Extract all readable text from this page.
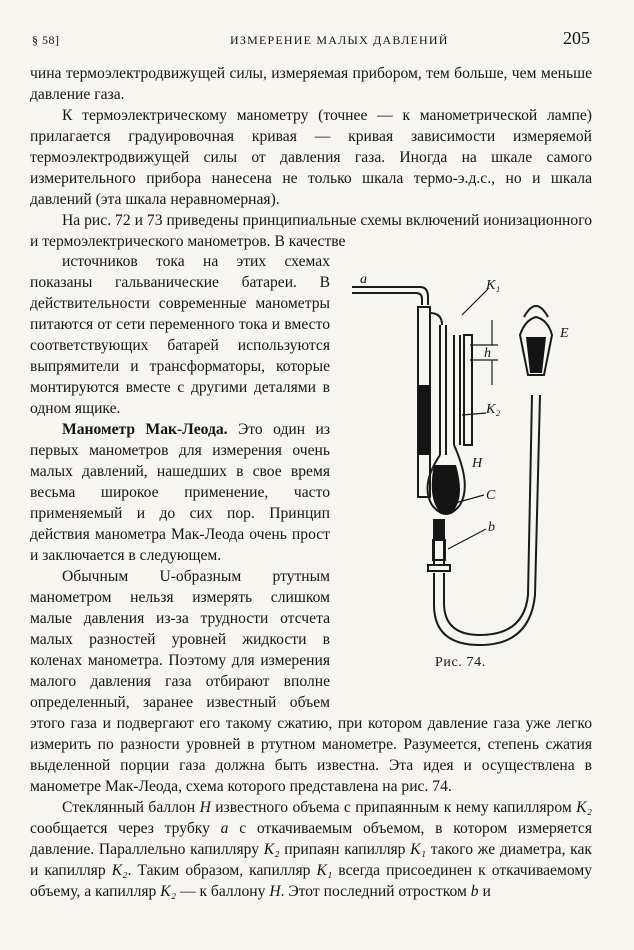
§ 58]	ИЗМЕРЕНИЕ МАЛЫХ ДАВЛЕНИЙ	205

чина термоэлектродвижущей силы, измеряемая прибором, тем больше, чем меньше давление газа.

К термоэлектрическому манометру (точнее — к манометрической лампе) прилагается градуировочная кривая — кривая зависимости измеряемой термоэлектродвижущей силы от давления газа. Иногда на шкале самого измерительного прибора нанесена не только шкала термо-э.д.с., но и шкала давлений (эта шкала неравномерная).

На рис. 72 и 73 приведены принципиальные схемы включений ионизационного и термоэлектрического манометров. В качестве

источников тока на этих схемах показаны гальванические батареи. В действительности современные манометры питаются от сети переменного тока и вместо соответствующих батарей используются выпрямители и трансформаторы, которые монтируются вместе с другими деталями в одном ящике.

Манометр Мак-Леода. Это один из первых манометров для измерения очень малых давлений, нашедших в свое время весьма широкое применение, часто применяемый и до сих пор. Принцип действия манометра Мак-Леода очень прост и заключается в следующем.

Обычным U-образным ртутным манометром нельзя измерять слишком малые давления из-за трудности отсчета малых разностей уровней жидкости в коленах манометра. Поэтому для измерения малого давления газа отбирают вполне определенный, заранее известный объем этого газа и подвергают его такому сжатию, при котором давление газа уже легко измерить по разности уровней в ртутном манометре. Разумеется, степень сжатия выделенной порции газа должна быть известна. Эта идея и осуществлена в манометре Мак-Леода, схема которого представлена на рис. 74.

Стеклянный баллон H известного объема с припаянным к нему капилляром K₂ сообщается через трубку a с откачиваемым объемом, в котором измеряется давление. Параллельно капилляру K₂ припаян капилляр K₁ такого же диаметра, как и капилляр K₂. Таким образом, капилляр K₁ всегда присоединен к откачиваемому объему, а капилляр K₂ — к баллону H. Этот последний отростком b и

a	K₁
h
K₂
H
C
b
E
Рис. 74.
